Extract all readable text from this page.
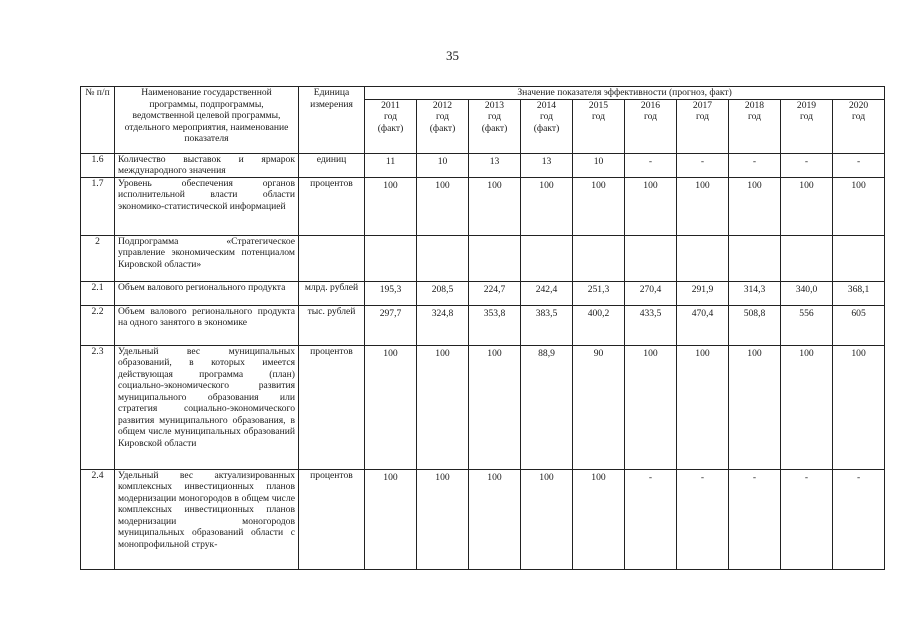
35
№ п/п	Наименование государственной программы, подпрограммы, ведомственной целевой программы, отдельного мероприятия, наименование показателя	Единица измерения	Значение показателя эффективности (прогноз, факт)									

			2011
год
(факт)	2012
год
(факт)	2013
год
(факт)	2014
год
(факт)	2015
год	2016
год	2017
год	2018
год	2019
год	2020
год

1.6	Количество выставок и ярмарок международного значения	единиц	11	10	13	13	10	-	-	-	-	-
1.7	Уровень обеспечения органов исполнительной власти области экономико-статистической информацией	процентов	100	100	100	100	100	100	100	100	100	100
2	Подпрограмма «Стратегическое управление экономическим потенциалом Кировской области»											
2.1	Объем валового регионального продукта	млрд. рублей	195,3	208,5	224,7	242,4	251,3	270,4	291,9	314,3	340,0	368,1
2.2	Объем валового регионального продукта на одного занятого в экономике	тыс. рублей	297,7	324,8	353,8	383,5	400,2	433,5	470,4	508,8	556	605
2.3	Удельный вес муниципальных образований, в которых имеется действующая программа (план) социально-экономического развития муниципального образования или стратегия социально-экономического развития муниципального образования, в общем числе муниципальных образований Кировской области	процентов	100	100	100	88,9	90	100	100	100	100	100
2.4	Удельный вес актуализированных комплексных инвестиционных планов модернизации моногородов в общем числе комплексных инвестиционных планов модернизации моногородов муниципальных образований области с монопрофильной струк-	процентов	100	100	100	100	100	-	-	-	-	-
